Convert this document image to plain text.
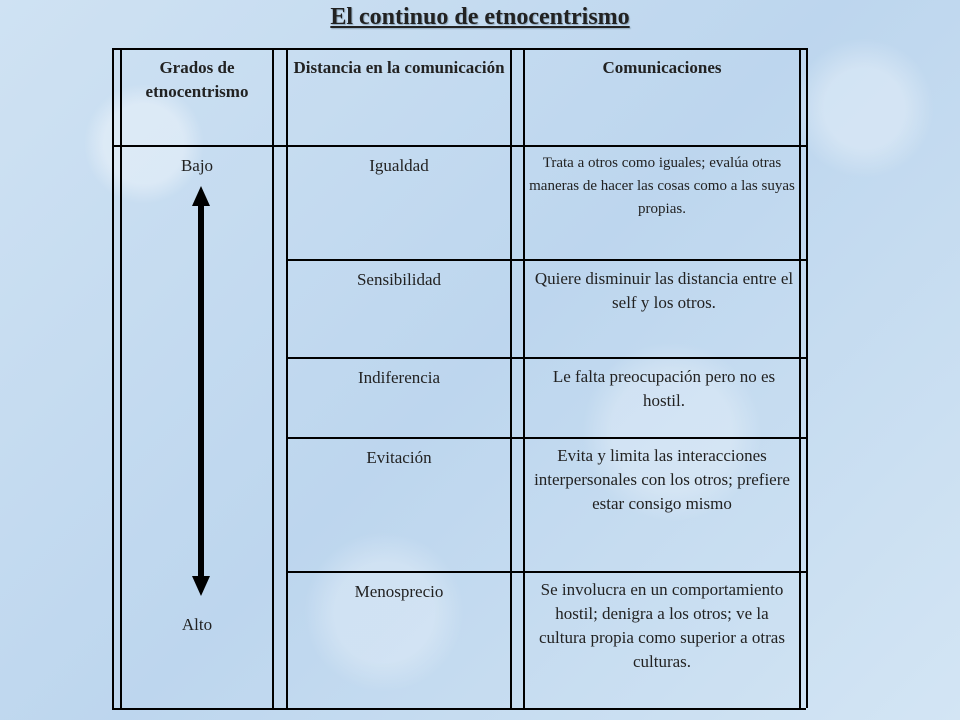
El continuo de etnocentrismo
Grados de etnocentrismo
Distancia en la comunicación	Comunicaciones
Bajo
Alto
Igualdad	Trata a otros como iguales; evalúa otras maneras de hacer las cosas como a las suyas propias.
Sensibilidad	Quiere disminuir las distancia entre el self y los otros.
Indiferencia	Le falta preocupación pero no es hostil.
Evitación	Evita y limita las interacciones interpersonales con los otros; prefiere estar consigo mismo
Menosprecio	Se involucra en un comportamiento hostil; denigra a los otros; ve la cultura propia como superior a otras culturas.
